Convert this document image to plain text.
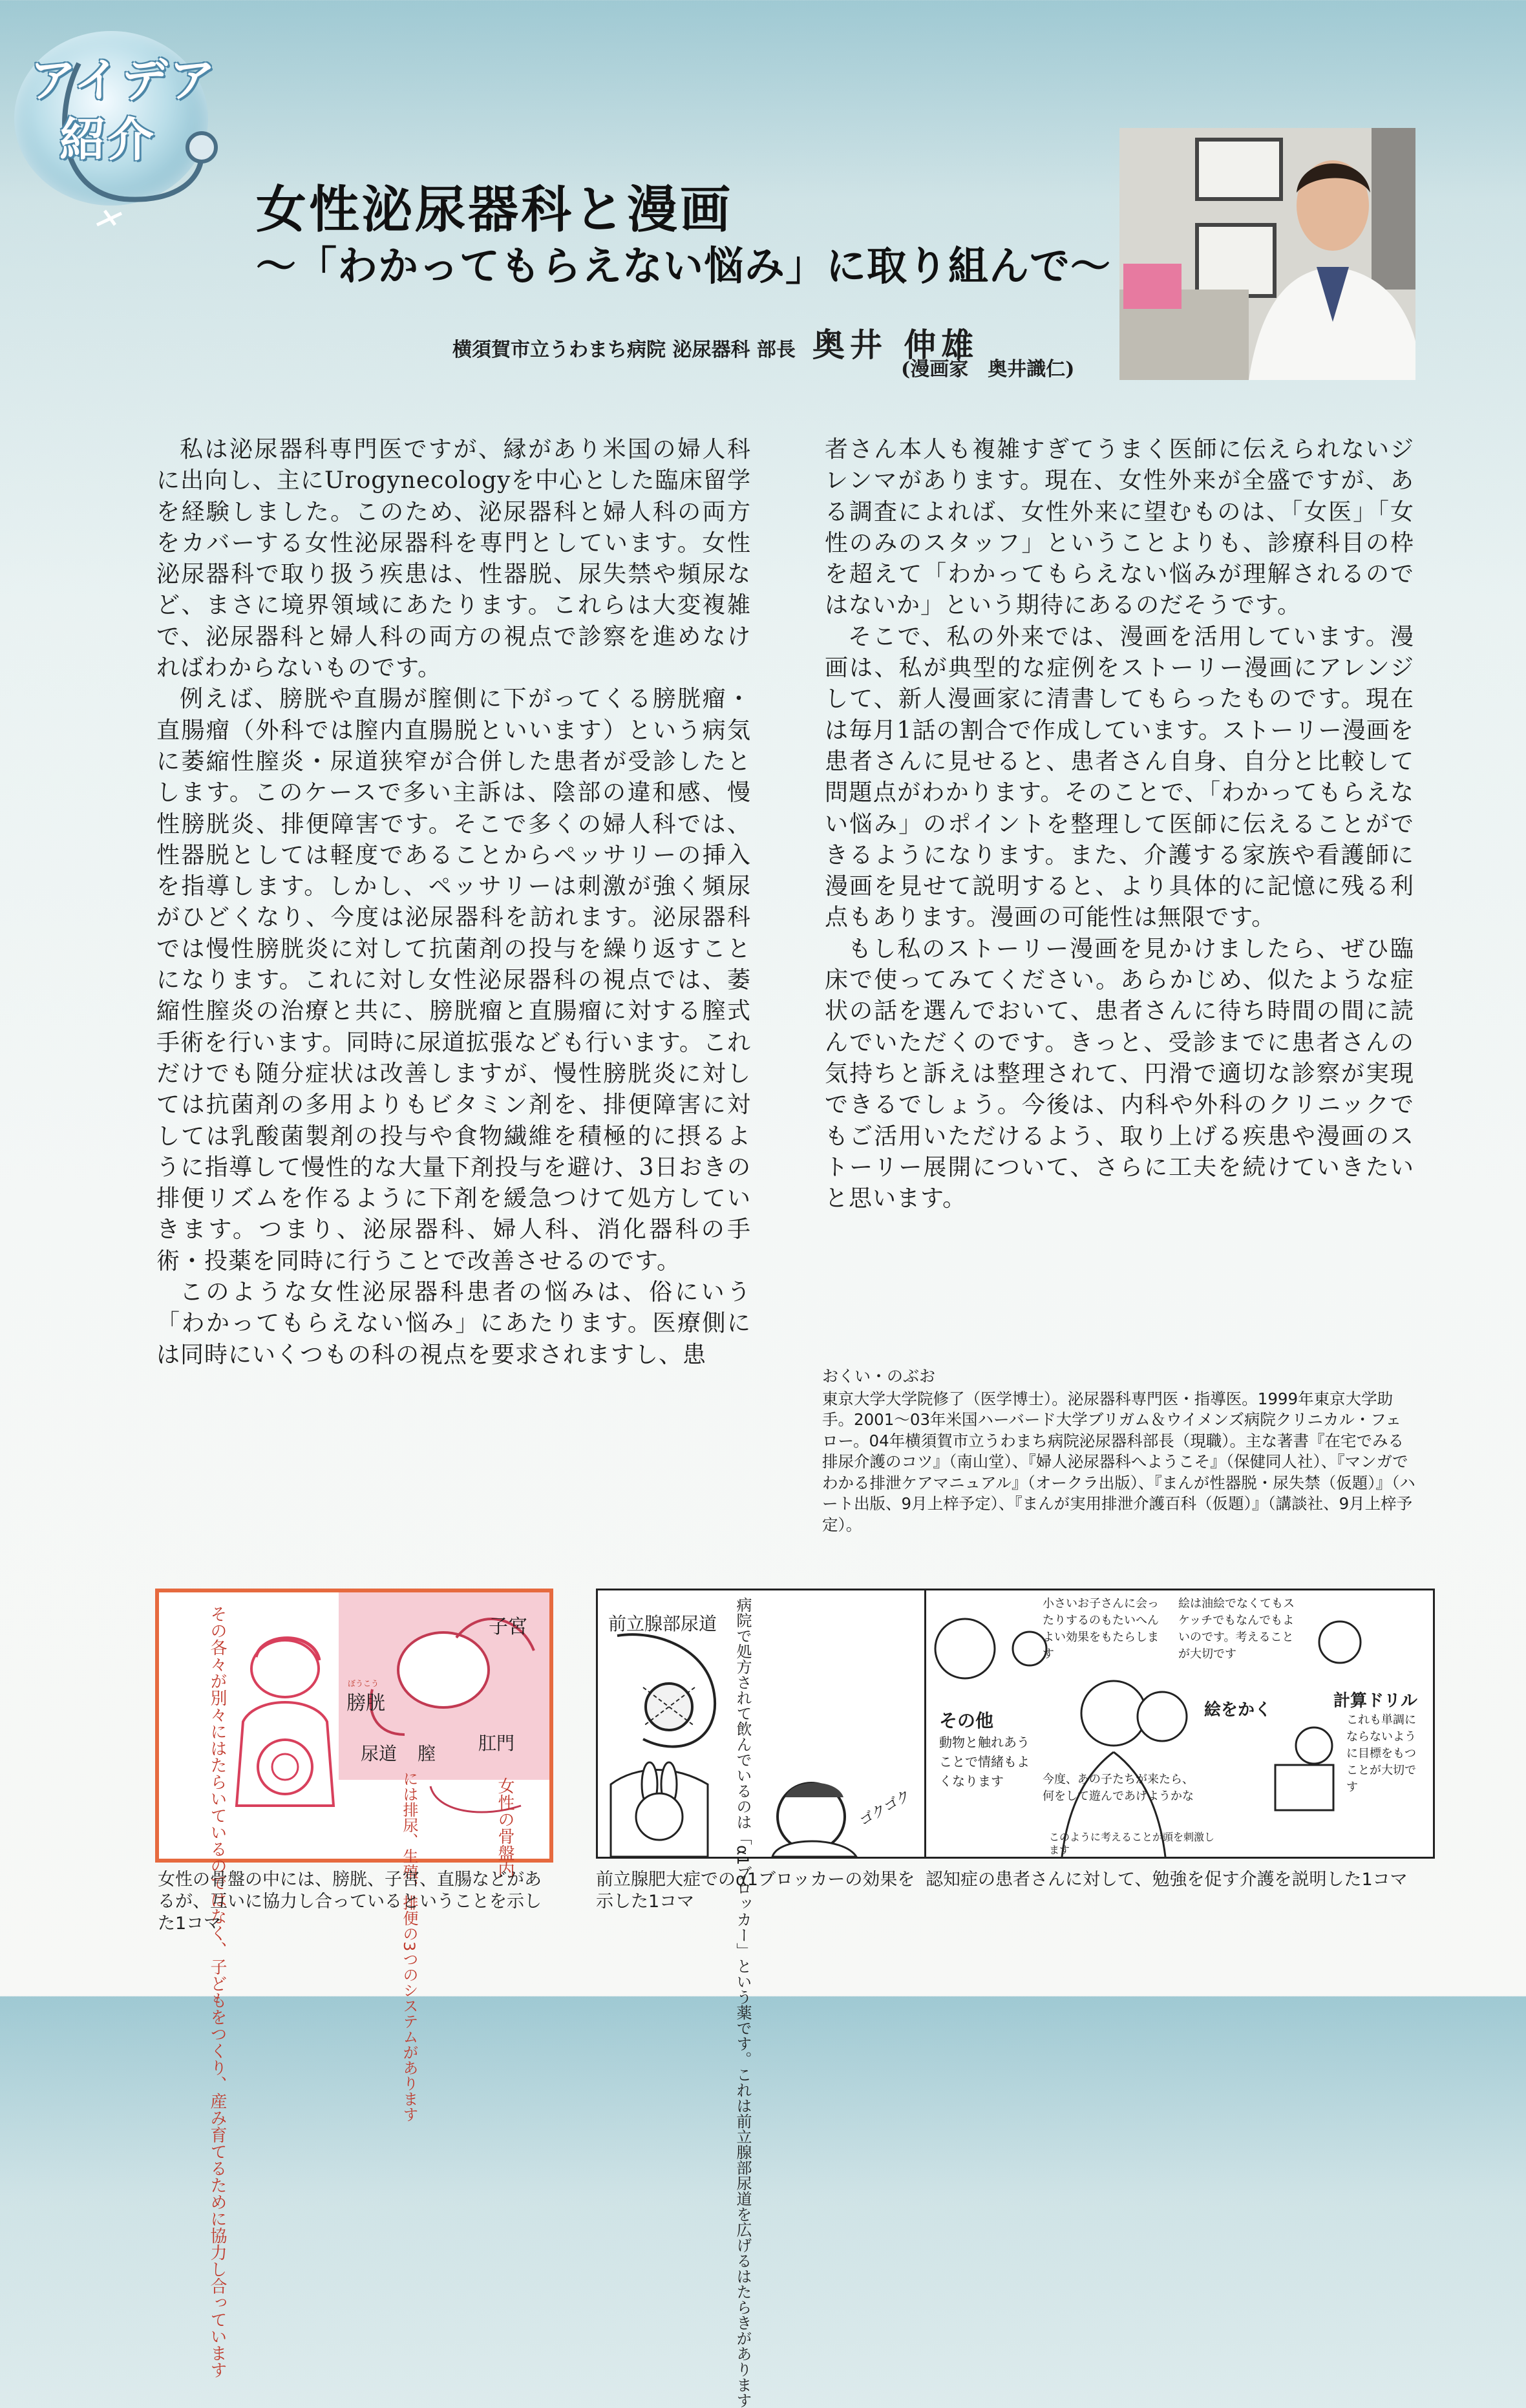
アイデア
紹介
女性泌尿器科と漫画
～「わかってもらえない悩み」に取り組んで～
横須賀市立うわまち病院 泌尿器科 部長 奥井 伸雄
(漫画家　奥井識仁)

私は泌尿器科専門医ですが、縁があり米国の婦人科に出向し、主にUrogynecologyを中心とした臨床留学を経験しました。このため、泌尿器科と婦人科の両方をカバーする女性泌尿器科を専門としています。女性泌尿器科で取り扱う疾患は、性器脱、尿失禁や頻尿など、まさに境界領域にあたります。これらは大変複雑で、泌尿器科と婦人科の両方の視点で診察を進めなければわからないものです。

例えば、膀胱や直腸が膣側に下がってくる膀胱瘤・直腸瘤（外科では膣内直腸脱といいます）という病気に萎縮性膣炎・尿道狭窄が合併した患者が受診したとします。このケースで多い主訴は、陰部の違和感、慢性膀胱炎、排便障害です。そこで多くの婦人科では、性器脱としては軽度であることからペッサリーの挿入を指導します。しかし、ペッサリーは刺激が強く頻尿がひどくなり、今度は泌尿器科を訪れます。泌尿器科では慢性膀胱炎に対して抗菌剤の投与を繰り返すことになります。これに対し女性泌尿器科の視点では、萎縮性膣炎の治療と共に、膀胱瘤と直腸瘤に対する膣式手術を行います。同時に尿道拡張なども行います。これだけでも随分症状は改善しますが、慢性膀胱炎に対しては抗菌剤の多用よりもビタミン剤を、排便障害に対しては乳酸菌製剤の投与や食物繊維を積極的に摂るように指導して慢性的な大量下剤投与を避け、3日おきの排便リズムを作るように下剤を緩急つけて処方していきます。つまり、泌尿器科、婦人科、消化器科の手術・投薬を同時に行うことで改善させるのです。

このような女性泌尿器科患者の悩みは、俗にいう「わかってもらえない悩み」にあたります。医療側には同時にいくつもの科の視点を要求されますし、患

者さん本人も複雑すぎてうまく医師に伝えられないジレンマがあります。現在、女性外来が全盛ですが、ある調査によれば、女性外来に望むものは、「女医」「女性のみのスタッフ」ということよりも、診療科目の枠を超えて「わかってもらえない悩みが理解されるのではないか」という期待にあるのだそうです。

そこで、私の外来では、漫画を活用しています。漫画は、私が典型的な症例をストーリー漫画にアレンジして、新人漫画家に清書してもらったものです。現在は毎月1話の割合で作成しています。ストーリー漫画を患者さんに見せると、患者さん自身、自分と比較して問題点がわかります。そのことで、「わかってもらえない悩み」のポイントを整理して医師に伝えることができるようになります。また、介護する家族や看護師に漫画を見せて説明すると、より具体的に記憶に残る利点もあります。漫画の可能性は無限です。

もし私のストーリー漫画を見かけましたら、ぜひ臨床で使ってみてください。あらかじめ、似たような症状の話を選んでおいて、患者さんに待ち時間の間に読んでいただくのです。きっと、受診までに患者さんの気持ちと訴えは整理されて、円滑で適切な診察が実現できるでしょう。今後は、内科や外科のクリニックでもご活用いただけるよう、取り上げる疾患や漫画のストーリー展開について、さらに工夫を続けていきたいと思います。

おくい・のぶお
東京大学大学院修了（医学博士）。泌尿器科専門医・指導医。1999年東京大学助手。2001～03年米国ハーバード大学ブリガム＆ウイメンズ病院クリニカル・フェロー。04年横須賀市立うわまち病院泌尿器科部長（現職）。主な著書『在宅でみる排尿介護のコツ』（南山堂）、『婦人泌尿器科へようこそ』（保健同人社）、『マンガでわかる排泄ケアマニュアル』（オークラ出版）、『まんが性器脱・尿失禁（仮題）』（ハート出版、9月上梓予定）、『まんが実用排泄介護百科（仮題）』（講談社、9月上梓予定）。
その各々が別々にはたらいているのではなく、子どもをつくり、産み育てるために協力し合っています	子宮
ぼうこう
膀胱
尿道 膣 肛門
には排尿、生殖、排便の3つのシステムがあります	女性の骨盤内
女性の骨盤の中には、膀胱、子宮、直腸などがあるが、互いに協力し合っているということを示した1コマ
前立腺部尿道 病院で処方されて飲んでいるのは「α1ブロッカー」という薬です。これは前立腺部尿道を広げるはたらきがあります	ゴクゴク
前立腺肥大症でのα1ブロッカーの効果を示した1コマ
小さいお子さんに会ったりするのもたいへんよい効果をもたらします
絵は油絵でなくてもスケッチでもなんでもよいのです。考えることが大切です
計算ドリル
これも単調にならないように目標をもつことが大切です
その他
動物と触れあうことで情緒もよくなります
絵をかく
今度、あの子たちが来たら、何をして遊んであげようかな
このように考えることが頭を刺激します
認知症の患者さんに対して、勉強を促す介護を説明した1コマ
